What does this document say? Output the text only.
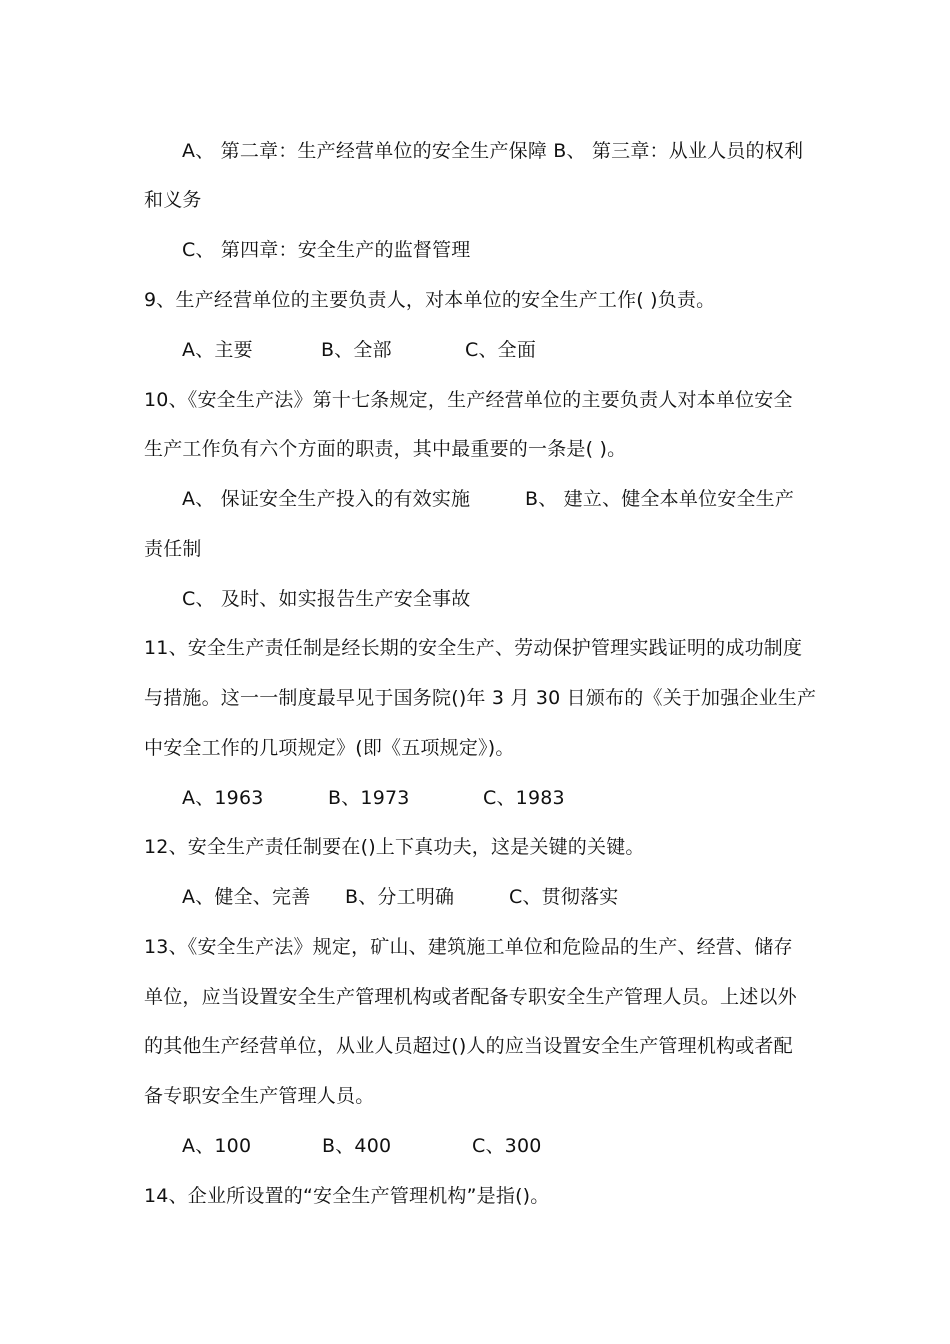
A、 第二章：生产经营单位的安全生产保障 B、 第三章：从业人员的权利
和义务
C、 第四章：安全生产的监督管理
9、生产经营单位的主要负责人，对本单位的安全生产工作( )负责。
A、主要	B、全部	C、全面
10、《安全生产法》第十七条规定，生产经营单位的主要负责人对本单位安全
生产工作负有六个方面的职责，其中最重要的一条是( )。
A、 保证安全生产投入的有效实施	B、 建立、健全本单位安全生产
责任制
C、 及时、如实报告生产安全事故
11、安全生产责任制是经长期的安全生产、劳动保护管理实践证明的成功制度
与措施。这一一制度最早见于国务院()年 3 月 30 日颁布的《关于加强企业生产
中安全工作的几项规定》(即《五项规定》)。
A、1963	B、1973	C、1983
12、安全生产责任制要在()上下真功夫，这是关键的关键。
A、健全、完善 B、分工明确	C、贯彻落实
13、《安全生产法》规定，矿山、建筑施工单位和危险品的生产、经营、储存
单位，应当设置安全生产管理机构或者配备专职安全生产管理人员。上述以外
的其他生产经营单位，从业人员超过()人的应当设置安全生产管理机构或者配
备专职安全生产管理人员。
A、100	B、400	C、300
14、企业所设置的“安全生产管理机构”是指()。
